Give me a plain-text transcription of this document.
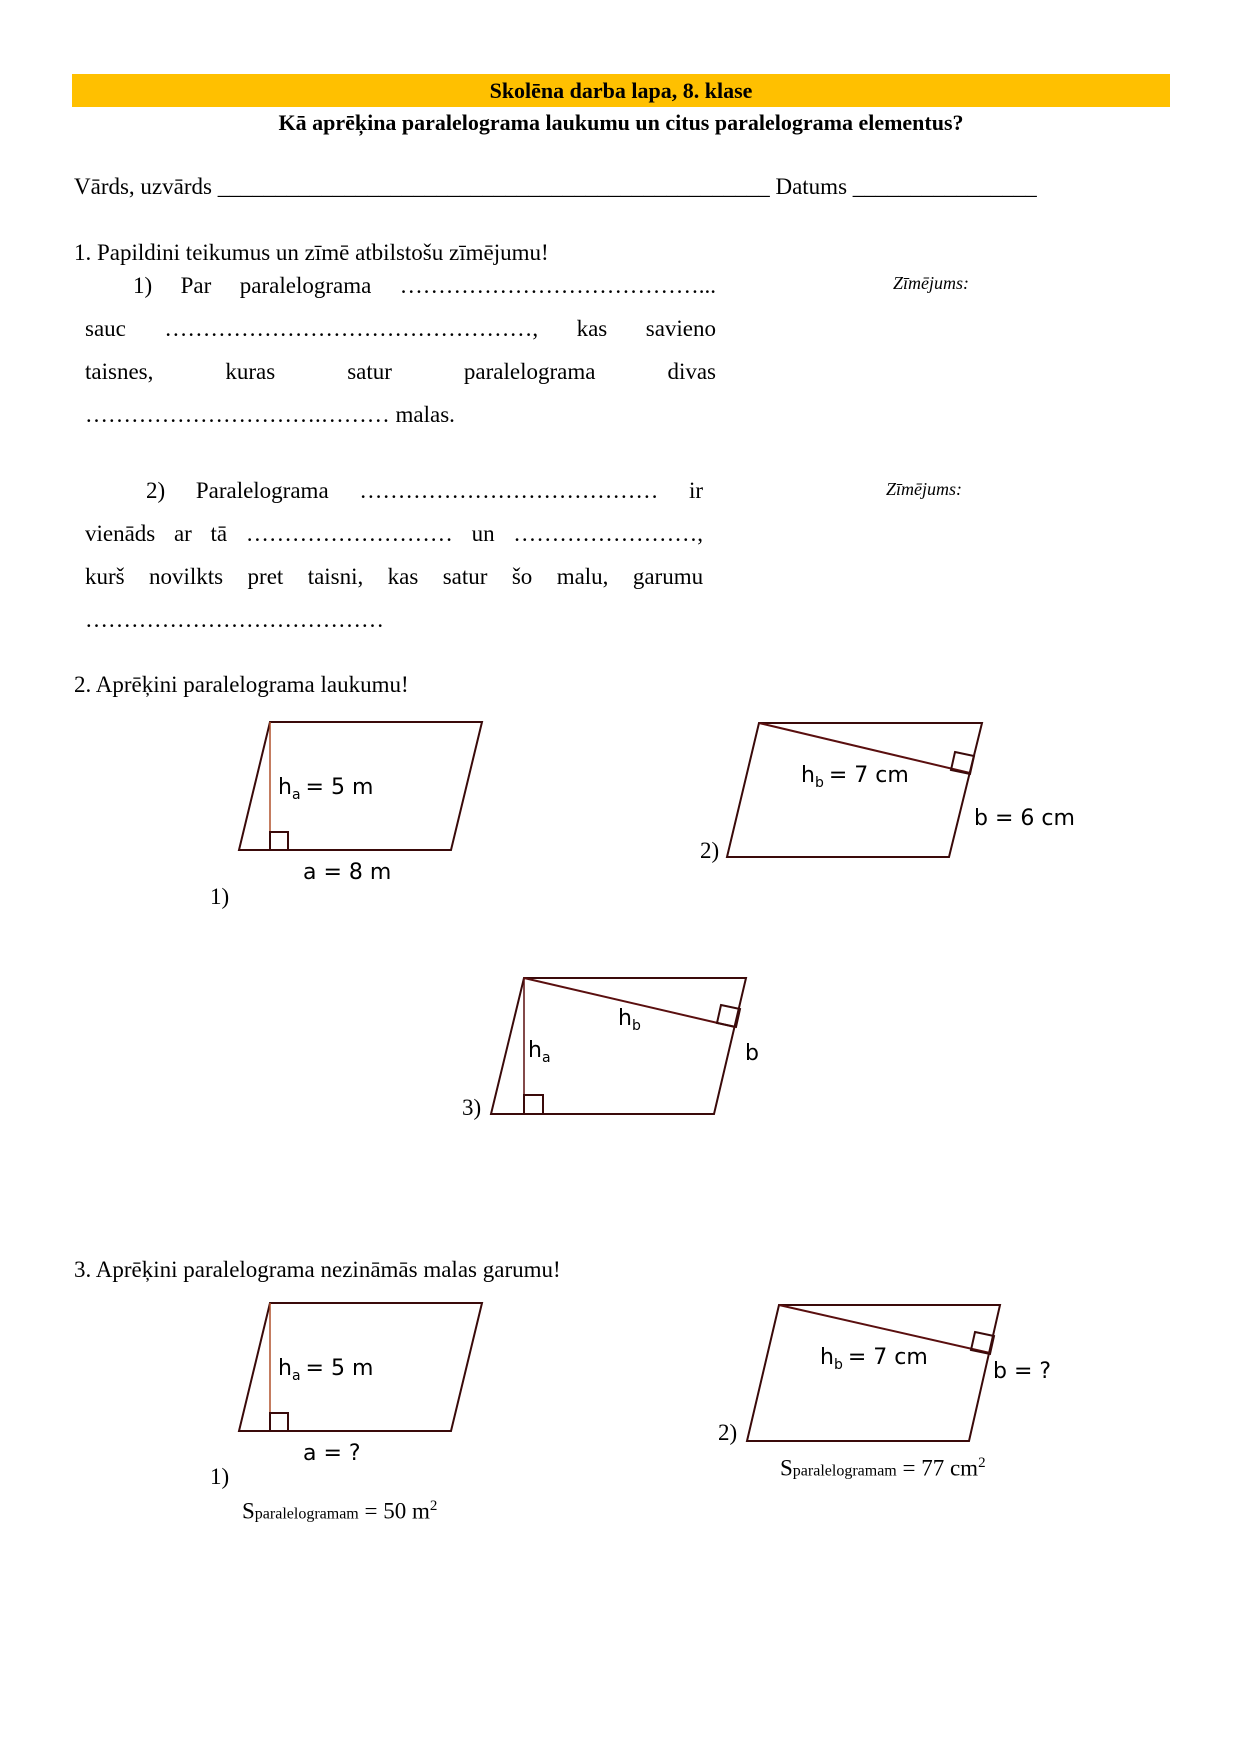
Skolēna darba lapa, 8. klase
Kā aprēķina paralelograma laukumu un citus paralelograma elementus?
Vārds, uzvārds ________________________________________________ Datums ________________
1. Papildini teikumus un zīmē atbilstošu zīmējumu!
1) Par paralelograma …………………………………...
sauc …………………………………………, kas savieno
taisnes,	kuras	satur	paralelograma	divas
………………………….……… malas.
Zīmējums:
2) Paralelograma ………………………………… ir
vienāds ar tā ……………………… un ……………………,
kurš novilkts pret taisni, kas satur šo malu, garumu
…………………………………
Zīmējums:
2. Aprēķini paralelograma laukumu!
$h_a = 5$ m
a = 8 m
$h_b = 7$ cm
b = 6 cm
$h_a$
$h_b$
b
$h_a = 5$ m
a = ?
$h_b = 7$ cm
b = ?
1)
2)
3)
3. Aprēķini paralelograma nezināmās malas garumu!
1)
Sparalelogramam = 50 $m^2$
2)
Sparalelogramam = 77 $cm^2$
